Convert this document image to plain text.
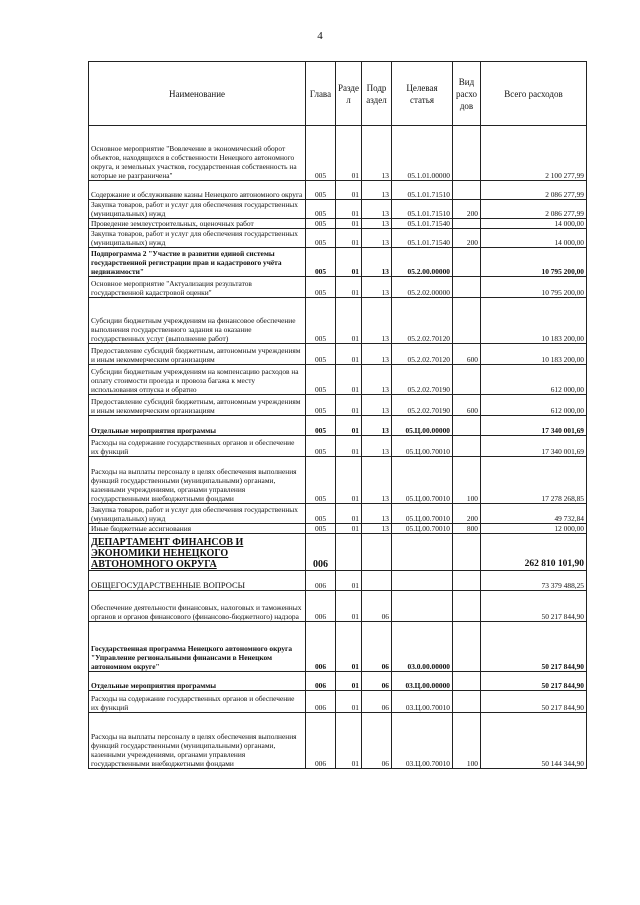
4
Наименование	Глава	Разде л	Подр аздел	Целевая статья	Вид расхо дов	Всего расходов
Основное мероприятие "Вовлечение в экономический оборот объектов, находящихся в собственности Ненецкого автономного округа, и земельных участков, государственная собственность на которые не разграничена"	005	01	13	05.1.01.00000		2 100 277,99
Содержание и обслуживание казны Ненецкого автономного округа	005	01	13	05.1.01.71510		2 086 277,99
Закупка товаров, работ и услуг для обеспечения государственных (муниципальных) нужд	005	01	13	05.1.01.71510	200	2 086 277,99
Проведение землеустроительных, оценочных работ	005	01	13	05.1.01.71540		14 000,00
Закупка товаров, работ и услуг для обеспечения государственных (муниципальных) нужд	005	01	13	05.1.01.71540	200	14 000,00
Подпрограмма 2 "Участие в развитии единой системы государственной регистрации прав и кадастрового учёта недвижимости"	005	01	13	05.2.00.00000		10 795 200,00
Основное мероприятие "Актуализация результатов государственной кадастровой оценки"	005	01	13	05.2.02.00000		10 795 200,00
Субсидии бюджетным учреждениям на финансовое обеспечение выполнения государственного задания на оказание государственных услуг (выполнение работ)	005	01	13	05.2.02.70120		10 183 200,00
Предоставление субсидий бюджетным, автономным учреждениям и иным некоммерческим организациям	005	01	13	05.2.02.70120	600	10 183 200,00
Субсидии бюджетным учреждениям на компенсацию расходов на оплату стоимости проезда и провоза багажа к месту использования отпуска и обратно	005	01	13	05.2.02.70190		612 000,00
Предоставление субсидий бюджетным, автономным учреждениям и иным некоммерческим организациям	005	01	13	05.2.02.70190	600	612 000,00
Отдельные мероприятия программы	005	01	13	05.Ц.00.00000		17 340 001,69
Расходы на содержание государственных органов и обеспечение их функций	005	01	13	05.Ц.00.70010		17 340 001,69
Расходы на выплаты персоналу в целях обеспечения выполнения функций государственными (муниципальными) органами, казенными учреждениями, органами управления государственными внебюджетными фондами	005	01	13	05.Ц.00.70010	100	17 278 268,85
Закупка товаров, работ и услуг для обеспечения государственных (муниципальных) нужд	005	01	13	05.Ц.00.70010	200	49 732,84
Иные бюджетные ассигнования	005	01	13	05.Ц.00.70010	800	12 000,00
ДЕПАРТАМЕНТ ФИНАНСОВ И ЭКОНОМИКИ НЕНЕЦКОГО АВТОНОМНОГО ОКРУГА	006					262 810 101,90
ОБЩЕГОСУДАРСТВЕННЫЕ ВОПРОСЫ	006	01				73 379 488,25
Обеспечение деятельности финансовых, налоговых и таможенных органов и органов финансового (финансово-бюджетного) надзора	006	01	06			50 217 844,90
Государственная программа Ненецкого автономного округа "Управление региональными финансами в Ненецком автономном округе"	006	01	06	03.0.00.00000		50 217 844,90
Отдельные мероприятия программы	006	01	06	03.Ц.00.00000		50 217 844,90
Расходы на содержание государственных органов и обеспечение их функций	006	01	06	03.Ц.00.70010		50 217 844,90
Расходы на выплаты персоналу в целях обеспечения выполнения функций государственными (муниципальными) органами, казенными учреждениями, органами управления государственными внебюджетными фондами	006	01	06	03.Ц.00.70010	100	50 144 344,90
